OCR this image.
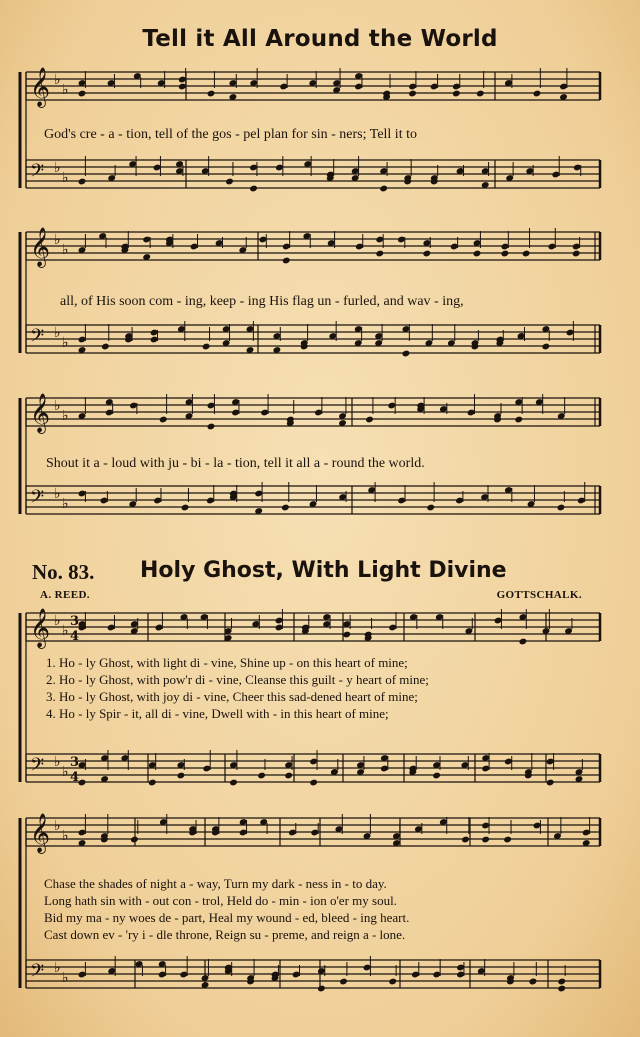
Tell it All Around the World
𝄞 ♭
♭
𝄢 ♭
♭
𝄞 ♭
♭
𝄢 ♭
♭
𝄞 ♭
♭
𝄢 ♭
♭
𝄞 ♭
♭
𝄢 ♭
♭
3
4
3
4
𝄞 ♭
♭
𝄢 ♭
♭
God's cre - a - tion, tell of the gos - pel plan for sin - ners; Tell it to
all, of His soon com - ing, keep - ing His flag un - furled, and wav - ing,
Shout it a - loud with ju - bi - la - tion, tell it all a - round the world.
No. 83. Holy Ghost, With Light Divine
A. REED.	GOTTSCHALK.
1. Ho - ly Ghost, with light di - vine, Shine up - on this heart of mine;
2. Ho - ly Ghost, with pow'r di - vine, Cleanse this guilt - y heart of mine;
3. Ho - ly Ghost, with joy di - vine, Cheer this sad-dened heart of mine;
4. Ho - ly Spir - it, all di - vine, Dwell with - in this heart of mine;
Chase the shades of night a - way, Turn my dark - ness in - to day.
Long hath sin with - out con - trol, Held do - min - ion o'er my soul.
Bid my ma - ny woes de - part, Heal my wound - ed, bleed - ing heart.
Cast down ev - 'ry i - dle throne, Reign su - preme, and reign a - lone.
